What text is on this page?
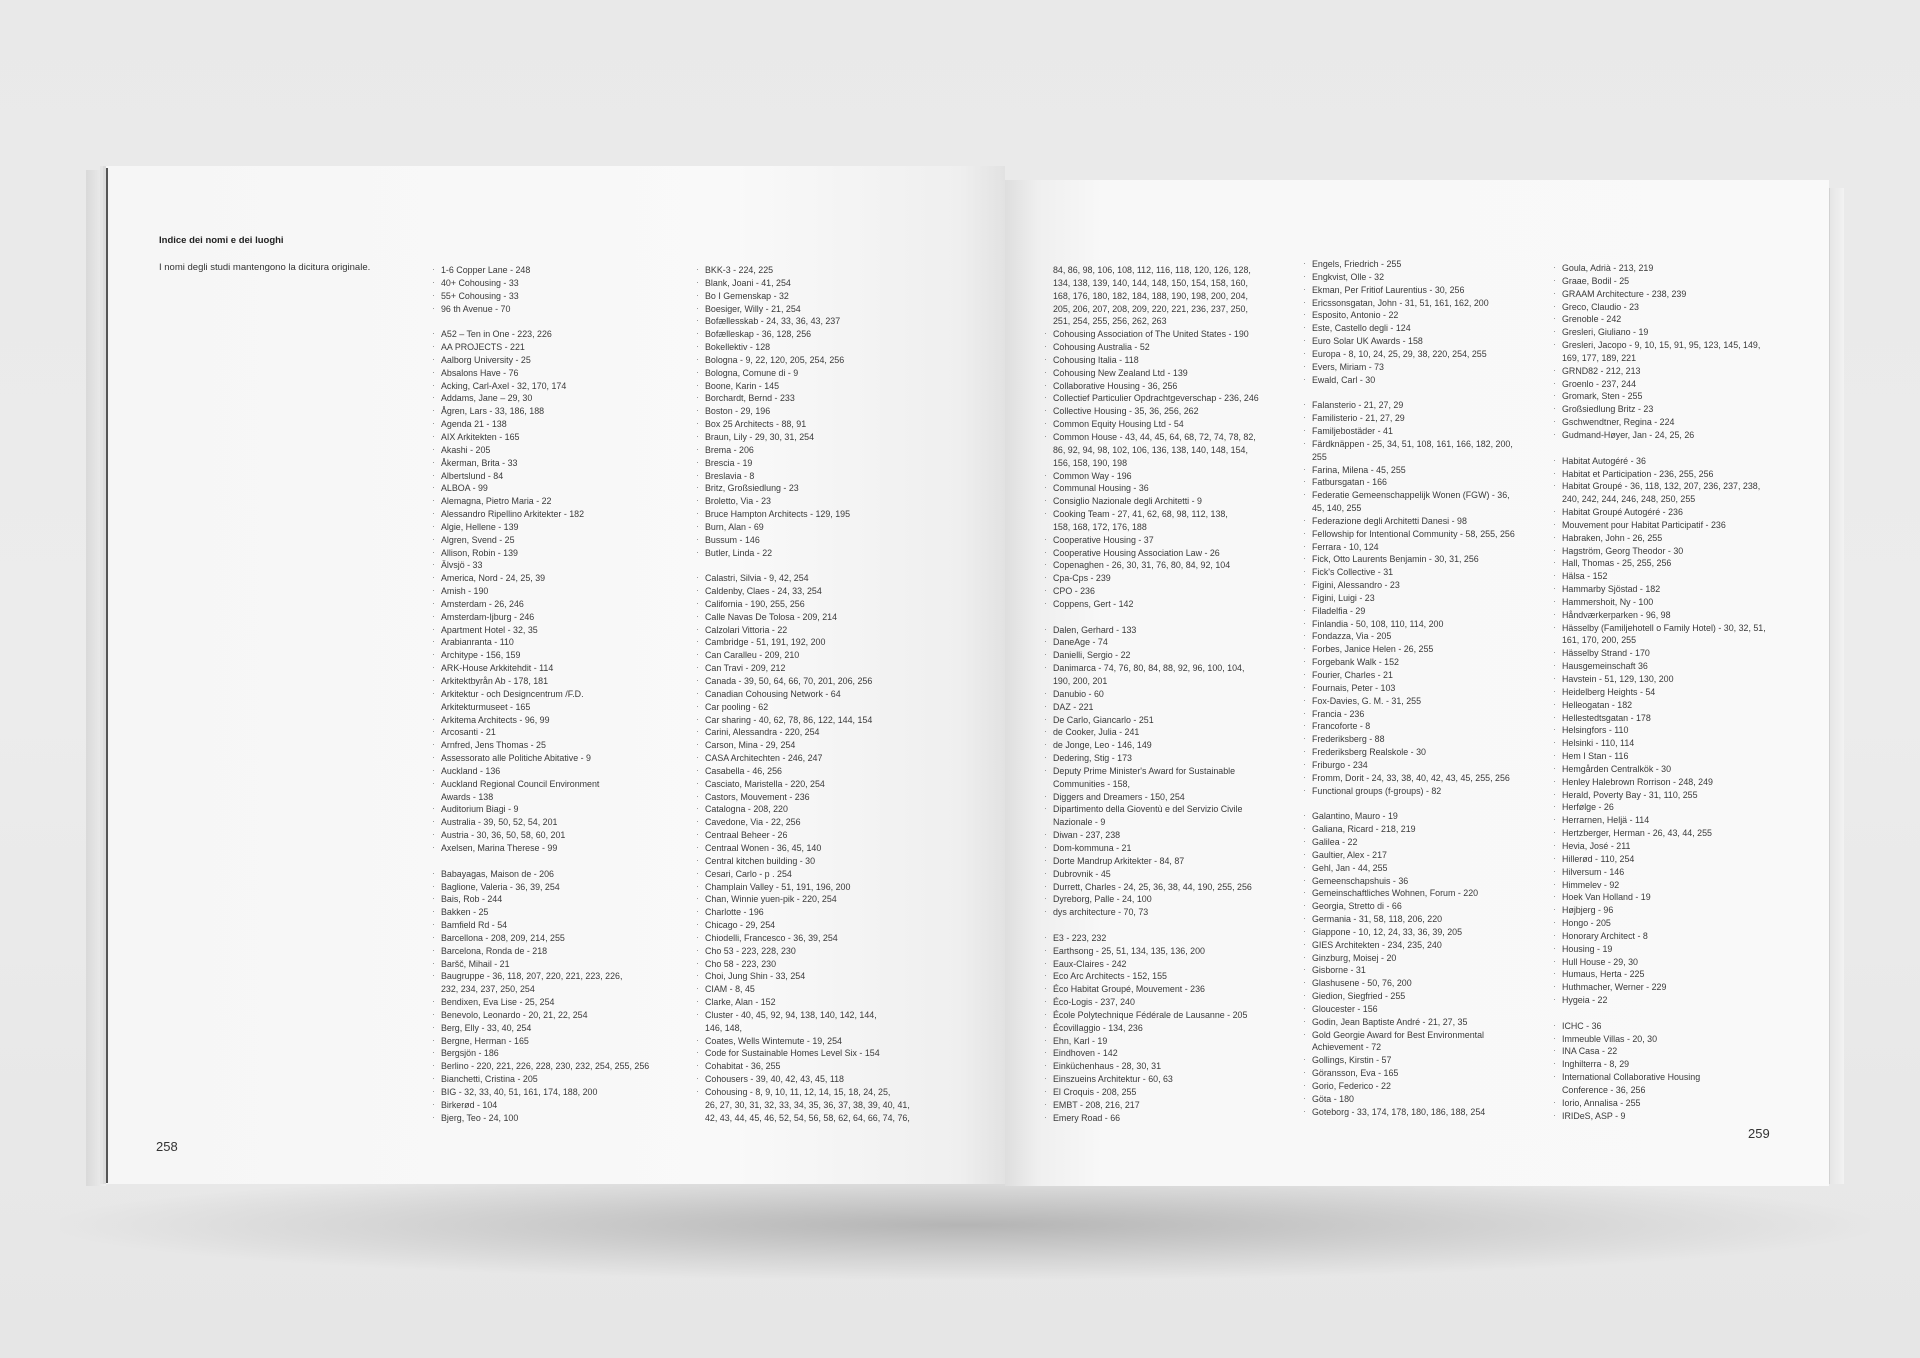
Indice dei nomi e dei luoghi
I nomi degli studi mantengono la dicitura originale.
·	1-6 Copper Lane - 248
· 40+ Cohousing - 33
· 55+ Cohousing - 33
· 96 th Avenue - 70
· A52 – Ten in One - 223, 226
· AA PROJECTS - 221
· Aalborg University - 25
· Absalons Have - 76
· Acking, Carl-Axel - 32, 170, 174
· Addams, Jane – 29, 30
· Ågren, Lars - 33, 186, 188
· Agenda 21 - 138
· AIX Arkitekten - 165
· Akashi - 205
· Åkerman, Brita - 33
· Albertslund - 84
· ALBOA - 99
· Alemagna, Pietro Maria - 22
· Alessandro Ripellino Arkitekter - 182
· Algie, Hellene - 139
· Algren, Svend - 25
· Allison, Robin - 139
· Älvsjö - 33
· America, Nord - 24, 25, 39
· Amish - 190
· Amsterdam - 26, 246
· Amsterdam-Ijburg - 246
· Apartment Hotel - 32, 35
· Arabianranta - 110
· Architype - 156, 159
· ARK-House Arkkitehdit - 114
· Arkitektbyrån Ab - 178, 181
· Arkitektur - och Designcentrum /F.D.
Arkitekturmuseet - 165
· Arkitema Architects - 96, 99
· Arcosanti - 21
· Arnfred, Jens Thomas - 25
· Assessorato alle Politiche Abitative - 9
· Auckland - 136
· Auckland Regional Council Environment
Awards - 138
· Auditorium Biagi - 9
· Australia - 39, 50, 52, 54, 201
· Austria - 30, 36, 50, 58, 60, 201
· Axelsen, Marina Therese - 99
· Babayagas, Maison de - 206
· Baglione, Valeria - 36, 39, 254
· Bais, Rob - 244
· Bakken - 25
· Bamfield Rd - 54
· Barcellona - 208, 209, 214, 255
· Barcelona, Ronda de - 218
· Baršč, Mihail - 21
· Baugruppe - 36, 118, 207, 220, 221, 223, 226,
232, 234, 237, 250, 254
· Bendixen, Eva Lise - 25, 254
· Benevolo, Leonardo - 20, 21, 22, 254
· Berg, Elly - 33, 40, 254
· Bergne, Herman - 165
· Bergsjön - 186
· Berlino - 220, 221, 226, 228, 230, 232, 254, 255, 256
· Bianchetti, Cristina - 205
· BIG - 32, 33, 40, 51, 161, 174, 188, 200
· Birkerød - 104
· Bjerg, Teo - 24, 100
· BKK-3 - 224, 225
· Blank, Joani - 41, 254
· Bo I Gemenskap - 32
· Boesiger, Willy - 21, 254
· Bofællesskab - 24, 33, 36, 43, 237
· Bofælleskap - 36, 128, 256
· Bokellektiv - 128
· Bologna - 9, 22, 120, 205, 254, 256
· Bologna, Comune di - 9
· Boone, Karin - 145
· Borchardt, Bernd - 233
· Boston - 29, 196
· Box 25 Architects - 88, 91
· Braun, Lily - 29, 30, 31, 254
· Brema - 206
· Brescia - 19
· Breslavia - 8
· Britz, Großsiedlung - 23
· Broletto, Via - 23
· Bruce Hampton Architects - 129, 195
· Burn, Alan - 69
· Bussum - 146
· Butler, Linda - 22
· Calastri, Silvia - 9, 42, 254
· Caldenby, Claes - 24, 33, 254
· California - 190, 255, 256
· Calle Navas De Tolosa - 209, 214
· Calzolari Vittoria - 22
· Cambridge - 51, 191, 192, 200
· Can Carallеu - 209, 210
· Can Travi - 209, 212
· Canada - 39, 50, 64, 66, 70, 201, 206, 256
· Canadian Cohousing Network - 64
· Car pooling - 62
· Car sharing - 40, 62, 78, 86, 122, 144, 154
· Carini, Alessandra - 220, 254
· Carson, Mina - 29, 254
· CASA Architechten - 246, 247
· Casabella - 46, 256
· Casciato, Maristella - 220, 254
· Castors, Mouvement - 236
· Catalogna - 208, 220
· Cavedone, Via - 22, 256
· Centraal Beheer - 26
· Centraal Wonen - 36, 45, 140
· Central kitchen building - 30
· Cesari, Carlo - p . 254
· Champlain Valley - 51, 191, 196, 200
· Chan, Winnie yuen-pik - 220, 254
· Charlotte - 196
· Chicago - 29, 254
· Chiodelli, Francesco - 36, 39, 254
· Cho 53 - 223, 228, 230
· Cho 58 - 223, 230
· Choi, Jung Shin - 33, 254
· CIAM - 8, 45
· Clarke, Alan - 152
· Cluster - 40, 45, 92, 94, 138, 140, 142, 144,
146, 148,
· Coates, Wells Wintemute - 19, 254
· Code for Sustainable Homes Level Six - 154
· Cohabitat - 36, 255
· Cohousers - 39, 40, 42, 43, 45, 118
· Cohousing - 8, 9, 10, 11, 12, 14, 15, 18, 24, 25,
26, 27, 30, 31, 32, 33, 34, 35, 36, 37, 38, 39, 40, 41,
42, 43, 44, 45, 46, 52, 54, 56, 58, 62, 64, 66, 74, 76,
84, 86, 98, 106, 108, 112, 116, 118, 120, 126, 128,
134, 138, 139, 140, 144, 148, 150, 154, 158, 160,
168, 176, 180, 182, 184, 188, 190, 198, 200, 204,
205, 206, 207, 208, 209, 220, 221, 236, 237, 250,
251, 254, 255, 256, 262, 263
· Cohousing Association of The United States - 190
· Cohousing Australia - 52
· Cohousing Italia - 118
· Cohousing New Zealand Ltd - 139
· Collaborative Housing - 36, 256
· Collectief Particulier Opdrachtgeverschap - 236, 246
· Collective Housing - 35, 36, 256, 262
· Common Equity Housing Ltd - 54
· Common House - 43, 44, 45, 64, 68, 72, 74, 78, 82,
86, 92, 94, 98, 102, 106, 136, 138, 140, 148, 154,
156, 158, 190, 198
· Common Way - 196
· Communal Housing - 36
· Consiglio Nazionale degli Architetti - 9
· Cooking Team - 27, 41, 62, 68, 98, 112, 138,
158, 168, 172, 176, 188
· Cooperative Housing - 37
· Cooperative Housing Association Law - 26
· Copenaghen - 26, 30, 31, 76, 80, 84, 92, 104
· Cpa-Cps - 239
· CPO - 236
· Coppens, Gert - 142
· Dalen, Gerhard - 133
· DaneAge - 74
· Danielli, Sergio - 22
· Danimarca - 74, 76, 80, 84, 88, 92, 96, 100, 104,
190, 200, 201
· Danubio - 60
· DAZ - 221
· De Carlo, Giancarlo - 251
· de Cooker, Julia - 241
· de Jonge, Leo - 146, 149
· Dedering, Stig - 173
· Deputy Prime Minister's Award for Sustainable
Communities - 158,
· Diggers and Dreamers - 150, 254
· Dipartimento della Gioventù e del Servizio Civile
Nazionale - 9
· Diwan - 237, 238
· Dom-kommuna - 21
· Dorte Mandrup Arkitekter - 84, 87
· Dubrovnik - 45
· Durrett, Charles - 24, 25, 36, 38, 44, 190, 255, 256
· Dyreborg, Palle - 24, 100
· dys architecture - 70, 73
· E3 - 223, 232
· Earthsong - 25, 51, 134, 135, 136, 200
· Eaux-Claires - 242
· Eco Arc Architects - 152, 155
· Éco Habitat Groupé, Mouvement - 236
· Éco-Logis - 237, 240
· École Polytechnique Fédérale de Lausanne - 205
· Écovillaggio - 134, 236
· Ehn, Karl - 19
· Eindhoven - 142
· Einküchenhaus - 28, 30, 31
· Einszueins Architektur - 60, 63
· El Croquis - 208, 255
· EMBT - 208, 216, 217
· Emery Road - 66
· Engels, Friedrich - 255
· Engkvist, Olle - 32
· Ekman, Per Fritiof Laurentius - 30, 256
· Ericssonsgatan, John - 31, 51, 161, 162, 200
· Esposito, Antonio - 22
· Este, Castello degli - 124
· Euro Solar UK Awards - 158
· Europa - 8, 10, 24, 25, 29, 38, 220, 254, 255
· Evers, Miriam - 73
· Ewald, Carl - 30
· Falansterio - 21, 27, 29
· Familisterio - 21, 27, 29
· Familjebostäder - 41
· Färdknäppen - 25, 34, 51, 108, 161, 166, 182, 200,
255
· Farina, Milena - 45, 255
· Fatbursgatan - 166
· Federatie Gemeenschappelijk Wonen (FGW) - 36,
45, 140, 255
· Federazione degli Architetti Danesi - 98
· Fellowship for Intentional Community - 58, 255, 256
· Ferrara - 10, 124
· Fick, Otto Laurents Benjamin - 30, 31, 256
· Fick's Collective - 31
· Figini, Alessandro - 23
· Figini, Luigi - 23
· Filadelfia - 29
· Finlandia - 50, 108, 110, 114, 200
· Fondazza, Via - 205
· Forbes, Janice Helen - 26, 255
· Forgebank Walk - 152
· Fourier, Charles - 21
· Fournais, Peter - 103
· Fox-Davies, G. M. - 31, 255
· Francia - 236
· Francoforte - 8
· Frederiksberg - 88
· Frederiksberg Realskole - 30
· Friburgo - 234
· Fromm, Dorit - 24, 33, 38, 40, 42, 43, 45, 255, 256
· Functional groups (f-groups) - 82
· Galantino, Mauro - 19
· Galiana, Ricard - 218, 219
· Galilea - 22
· Gaultier, Alex - 217
· Gehl, Jan - 44, 255
· Gemeenschapshuis - 36
· Gemeinschaftliches Wohnen, Forum - 220
· Georgia, Stretto di - 66
· Germania - 31, 58, 118, 206, 220
· Giappone - 10, 12, 24, 33, 36, 39, 205
· GIES Architekten - 234, 235, 240
· Ginzburg, Moisej - 20
· Gisborne - 31
· Glashusene - 50, 76, 200
· Giedion, Siegfried - 255
· Gloucester - 156
· Godin, Jean Baptiste André - 21, 27, 35
· Gold Georgie Award for Best Environmental
Achievement - 72
· Gollings, Kirstin - 57
· Göransson, Eva - 165
· Gorio, Federico - 22
· Göta - 180
· Goteborg - 33, 174, 178, 180, 186, 188, 254
· Goula, Adrià - 213, 219
· Graae, Bodil - 25
· GRAAM Architecture - 238, 239
· Greco, Claudio - 23
· Grenoble - 242
· Gresleri, Giuliano - 19
· Gresleri, Jacopo - 9, 10, 15, 91, 95, 123, 145, 149,
169, 177, 189, 221
· GRND82 - 212, 213
· Groenlo - 237, 244
· Gromark, Sten - 255
· Großsiedlung Britz - 23
· Gschwendtner, Regina - 224
· Gudmand-Høyer, Jan - 24, 25, 26
· Habitat Autogéré - 36
· Habitat et Participation - 236, 255, 256
· Habitat Groupé - 36, 118, 132, 207, 236, 237, 238,
240, 242, 244, 246, 248, 250, 255
· Habitat Groupé Autogéré - 236
· Mouvement pour Habitat Participatif - 236
· Habraken, John - 26, 255
· Hagström, Georg Theodor - 30
· Hall, Thomas - 25, 255, 256
· Hälsa - 152
· Hammarby Sjöstad - 182
· Hammershoit, Ny - 100
· Håndværkerparken - 96, 98
· Hässelby (Familjehotell o Family Hotel) - 30, 32, 51,
161, 170, 200, 255
· Hässelby Strand - 170
· Hausgemeinschaft 36
· Havstein - 51, 129, 130, 200
· Heidelberg Heights - 54
· Helleogatan - 182
· Hellestedtsgatan - 178
· Helsingfors - 110
· Helsinki - 110, 114
· Hem I Stan - 116
· Hemgården Centralkök - 30
· Henley Halebrown Rorrison - 248, 249
· Herald, Poverty Bay - 31, 110, 255
· Herfølge - 26
· Herrarnen, Heljä - 114
· Hertzberger, Herman - 26, 43, 44, 255
· Hevia, José - 211
· Hillerød - 110, 254
· Hilversum - 146
· Himmelev - 92
· Hoek Van Holland - 19
· Højbjerg - 96
· Hongo - 205
· Honorary Architect - 8
· Housing - 19
· Hull House - 29, 30
· Humaus, Herta - 225
· Huthmacher, Werner - 229
· Hygeia - 22
· ICHC - 36
· Immeuble Villas - 20, 30
· INA Casa - 22
· Inghilterra - 8, 29
· International Collaborative Housing
Conference - 36, 256
· Iorio, Annalisa - 255
· IRIDeS, ASP - 9
258
259
